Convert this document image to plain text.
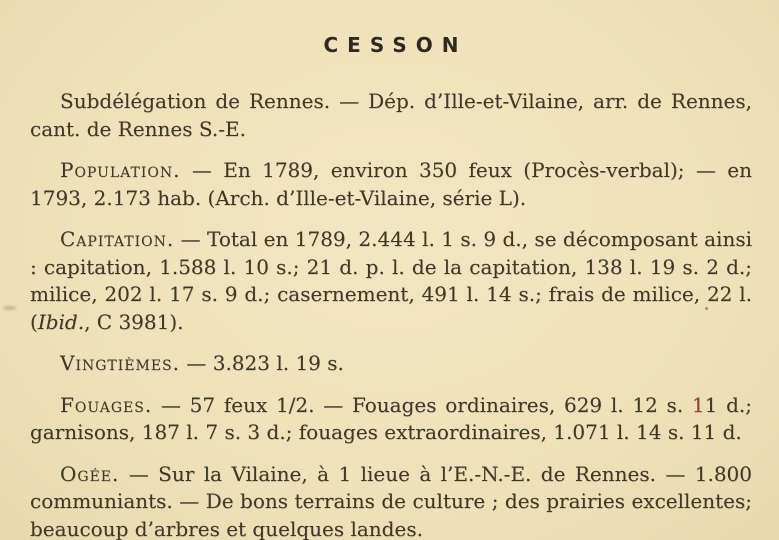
CESSON

Subdélégation de Rennes. — Dép. d’Ille-et-Vilaine, arr. de Rennes, cant. de Rennes S.-E.

Population. — En 1789, environ 350 feux (Procès-verbal); — en 1793, 2.173 hab. (Arch. d’Ille-et-Vilaine, série L).

Capitation. — Total en 1789, 2.444 l. 1 s. 9 d., se décomposant ainsi : capitation, 1.588 l. 10 s.; 21 d. p. l. de la capitation, 138 l. 19 s. 2 d.; milice, 202 l. 17 s. 9 d.; casernement, 491 l. 14 s.; frais de milice, 22 l. (Ibid., C 3981).

Vingtièmes. — 3.823 l. 19 s.

Fouages. — 57 feux 1/2. — Fouages ordinaires, 629 l. 12 s. 11 d.; garnisons, 187 l. 7 s. 3 d.; fouages extraordinaires, 1.071 l. 14 s. 11 d.

Ogée. — Sur la Vilaine, à 1 lieue à l’E.-N.-E. de Rennes. — 1.800 communiants. — De bons terrains de culture ; des prairies excellentes; beaucoup d’arbres et quelques landes.
